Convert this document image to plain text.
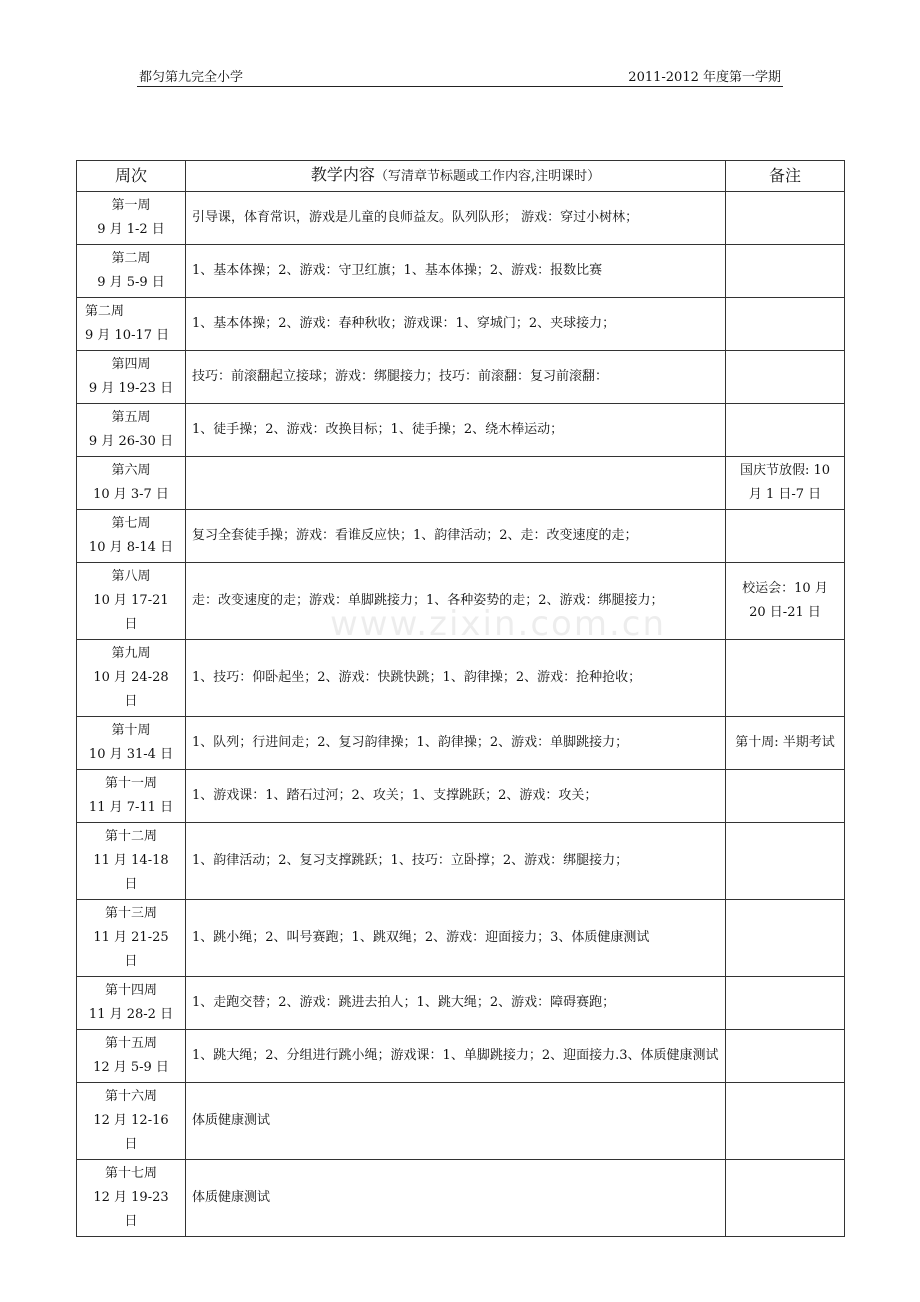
都匀第九完全小学	2011-2012 年度第一学期
www.zixin.com.cn
周次	教学内容（写清章节标题或工作内容,注明课时）	备注
第一周
9 月 1-2 日	引导课，体育常识，游戏是儿童的良师益友。队列队形； 游戏：穿过小树林；	
第二周
9 月 5-9 日	1、基本体操；2、游戏：守卫红旗；1、基本体操；2、游戏：报数比赛	
第二周
9 月 10-17 日	1、基本体操；2、游戏：春种秋收；游戏课：1、穿城门；2、夹球接力；	
第四周
9 月 19-23 日	技巧：前滚翻起立接球；游戏：绑腿接力；技巧：前滚翻：复习前滚翻：	
第五周
9 月 26-30 日	1、徒手操；2、游戏：改换目标；1、徒手操；2、绕木棒运动；	
第六周
10 月 3-7 日		国庆节放假: 10 月 1 日-7 日
第七周
10 月 8-14 日	复习全套徒手操；游戏：看谁反应快；1、韵律活动；2、走：改变速度的走；	
第八周
10 月 17-21
日	走：改变速度的走；游戏：单脚跳接力；1、各种姿势的走；2、游戏：绑腿接力；	校运会：10 月 20 日-21 日
第九周
10 月 24-28
日	1、技巧：仰卧起坐；2、游戏：快跳快跳；1、韵律操；2、游戏：抢种抢收；	
第十周
10 月 31-4 日	1、队列；行进间走；2、复习韵律操；1、韵律操；2、游戏：单脚跳接力；	第十周: 半期考试
第十一周
11 月 7-11 日	1、游戏课：1、踏石过河；2、攻关；1、支撑跳跃；2、游戏：攻关；	
第十二周
11 月 14-18
日	1、韵律活动；2、复习支撑跳跃；1、技巧：立卧撑；2、游戏：绑腿接力；	
第十三周
11 月 21-25
日	1、跳小绳；2、叫号赛跑；1、跳双绳；2、游戏：迎面接力；3、体质健康测试	
第十四周
11 月 28-2 日	1、走跑交替；2、游戏：跳进去拍人；1、跳大绳；2、游戏：障碍赛跑；	
第十五周
12 月 5-9 日	1、跳大绳；2、分组进行跳小绳；游戏课：1、单脚跳接力；2、迎面接力.3、体质健康测试	
第十六周
12 月 12-16
日	体质健康测试	
第十七周
12 月 19-23
日	体质健康测试	
